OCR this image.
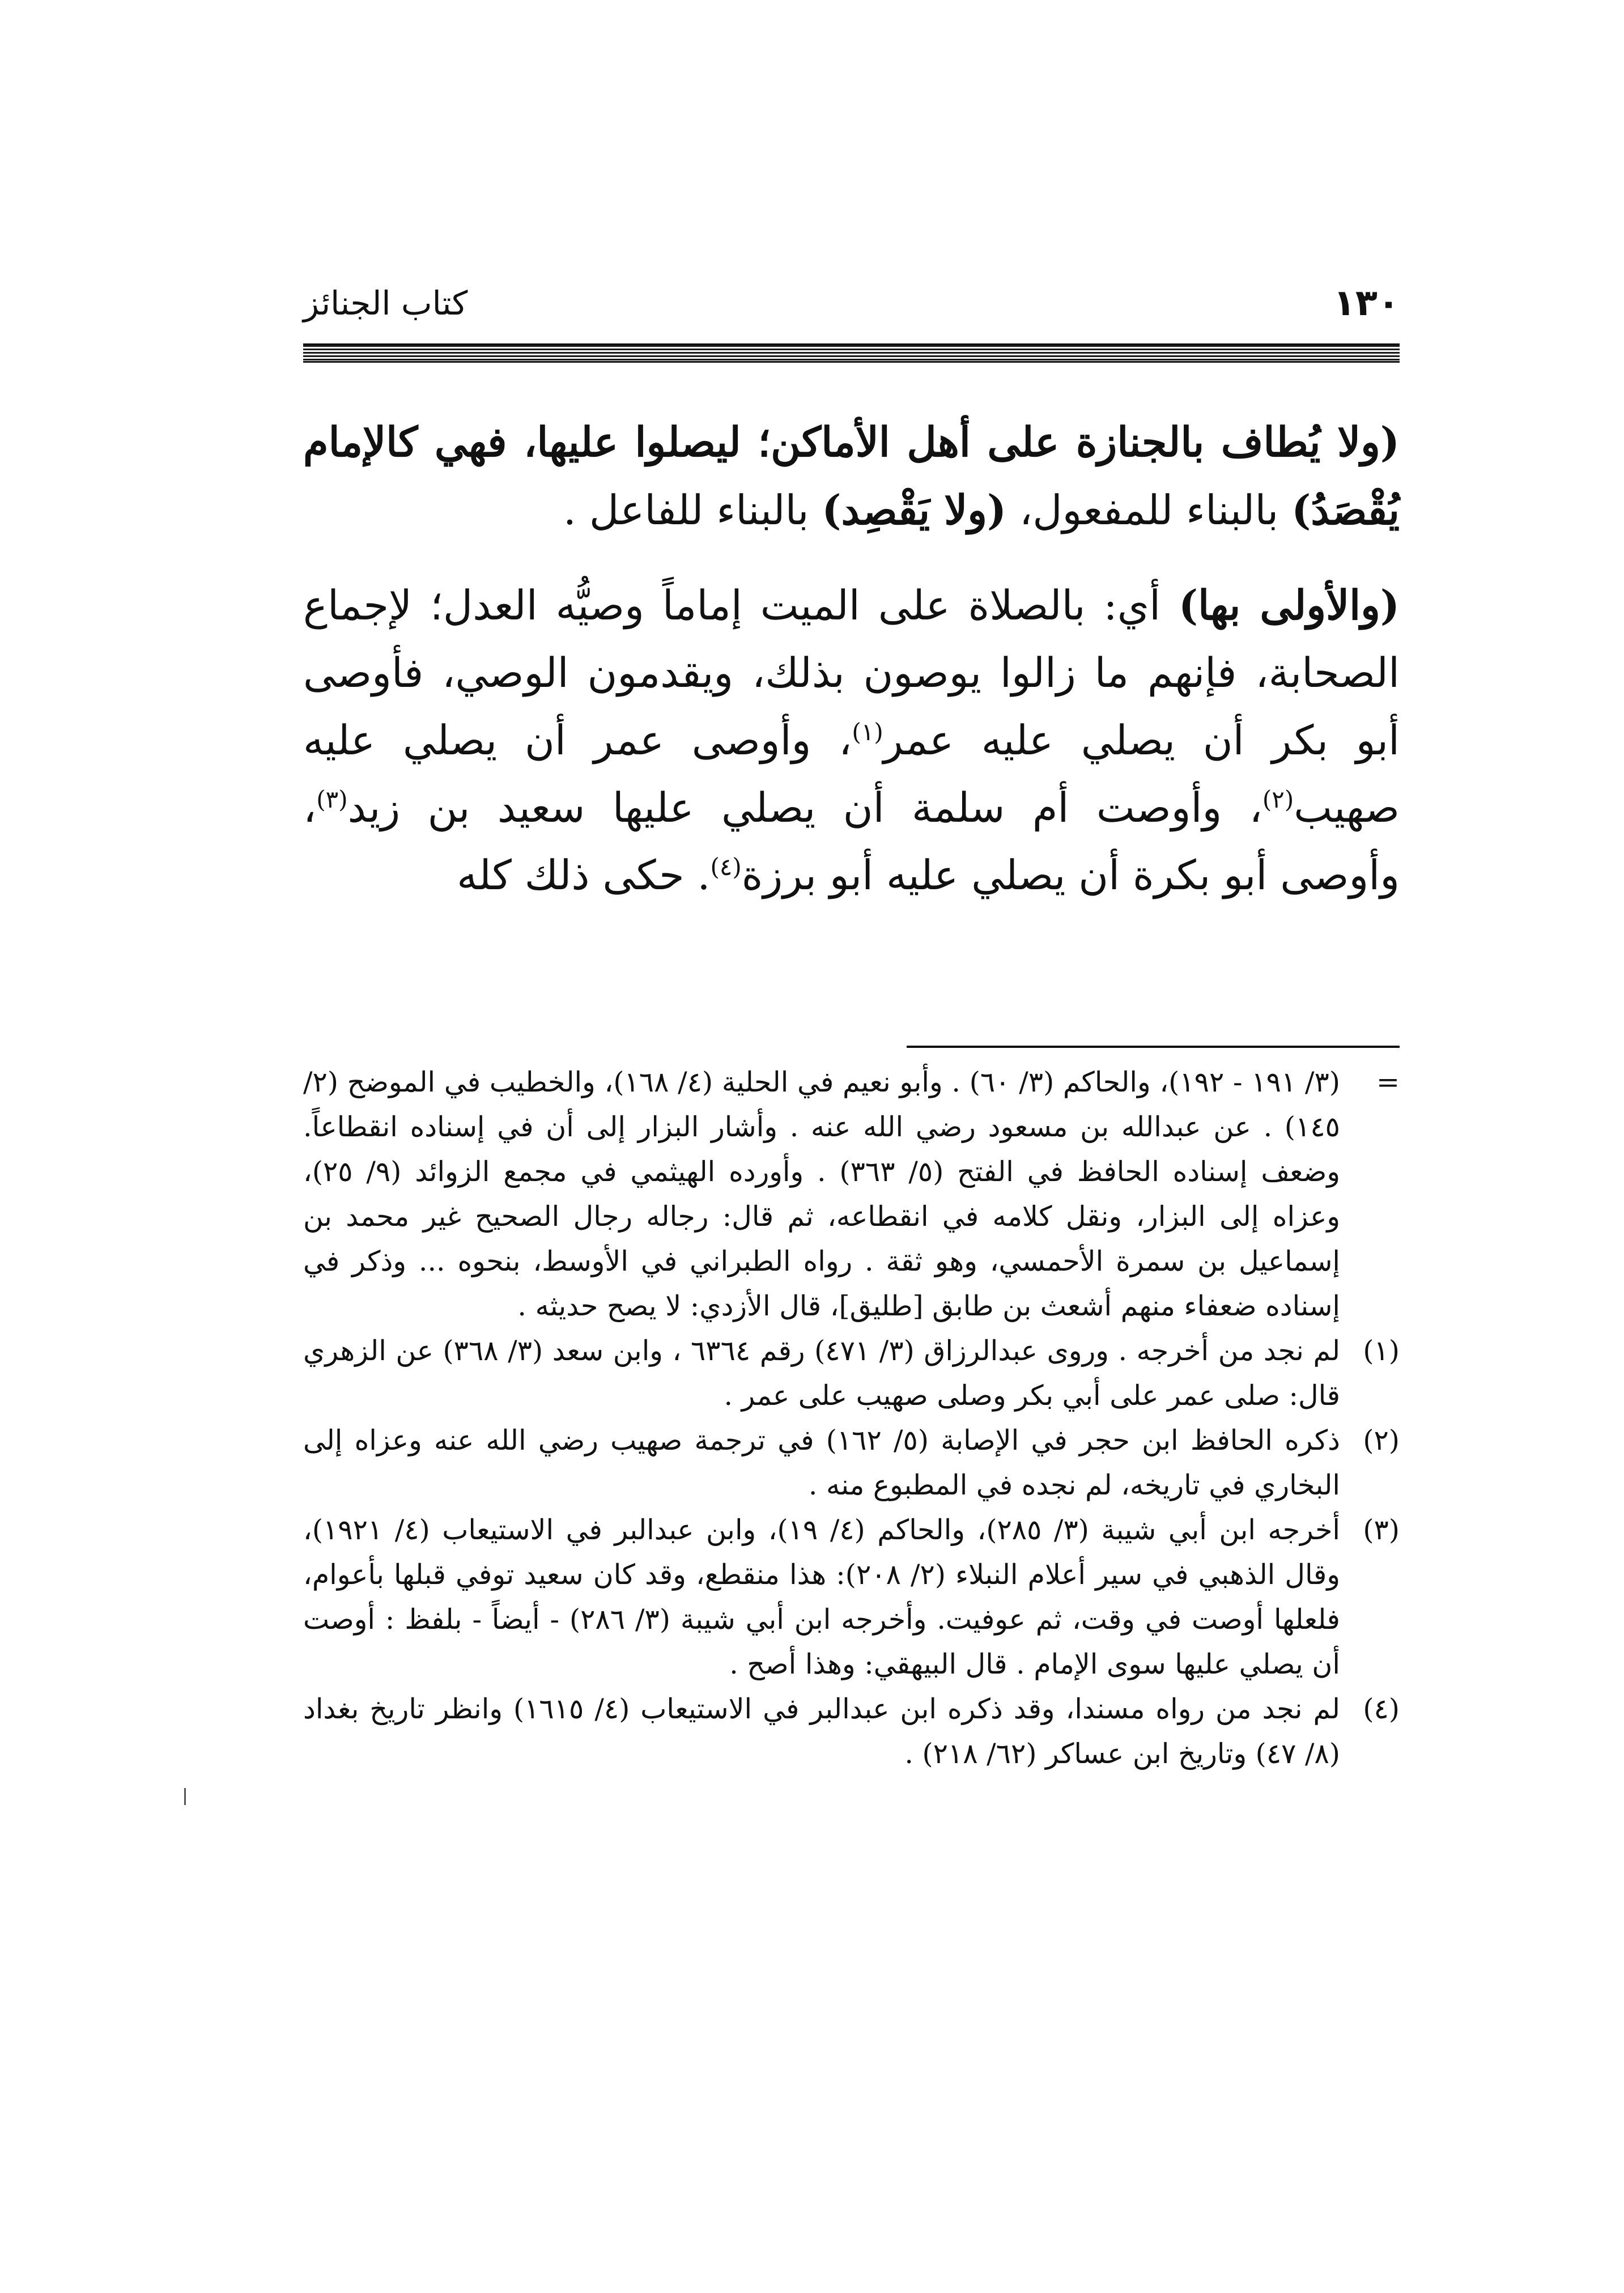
١٣٠
كتاب الجنائز

(ولا يُطاف بالجنازة على أهل الأماكن؛ ليصلوا عليها، فهي كالإمام يُقْصَدُ) بالبناء للمفعول، (ولا يَقْصِد) بالبناء للفاعل .

(والأولى بها) أي: بالصلاة على الميت إماماً وصيُّه العدل؛ لإجماع الصحابة، فإنهم ما زالوا يوصون بذلك، ويقدمون الوصي، فأوصى أبو بكر أن يصلي عليه عمر$^{(١)}$، وأوصى عمر أن يصلي عليه صهيب$^{(٢)}$، وأوصت أم سلمة أن يصلي عليها سعيد بن زيد$^{(٣)}$، وأوصى أبو بكرة أن يصلي عليه أبو برزة$^{(٤)}$. حكى ذلك كله

=
(٣/ ١٩١ - ١٩٢)، والحاكم (٣/ ٦٠) . وأبو نعيم في الحلية (٤/ ١٦٨)، والخطيب في الموضح (٢/ ١٤٥) . عن عبدالله بن مسعود رضي الله عنه . وأشار البزار إلى أن في إسناده انقطاعاً. وضعف إسناده الحافظ في الفتح (٥/ ٣٦٣) . وأورده الهيثمي في مجمع الزوائد (٩/ ٢٥)، وعزاه إلى البزار، ونقل كلامه في انقطاعه، ثم قال: رجاله رجال الصحيح غير محمد بن إسماعيل بن سمرة الأحمسي، وهو ثقة . رواه الطبراني في الأوسط، بنحوه ... وذكر في إسناده ضعفاء منهم أشعث بن طابق [طليق]، قال الأزدي: لا يصح حديثه .

(١)
لم نجد من أخرجه . وروى عبدالرزاق (٣/ ٤٧١) رقم ٦٣٦٤ ، وابن سعد (٣/ ٣٦٨) عن الزهري قال: صلى عمر على أبي بكر وصلى صهيب على عمر .

(٢)
ذكره الحافظ ابن حجر في الإصابة (٥/ ١٦٢) في ترجمة صهيب رضي الله عنه وعزاه إلى البخاري في تاريخه، لم نجده في المطبوع منه .

(٣)
أخرجه ابن أبي شيبة (٣/ ٢٨٥)، والحاكم (٤/ ١٩)، وابن عبدالبر في الاستيعاب (٤/ ١٩٢١)، وقال الذهبي في سير أعلام النبلاء (٢/ ٢٠٨): هذا منقطع، وقد كان سعيد توفي قبلها بأعوام، فلعلها أوصت في وقت، ثم عوفيت. وأخرجه ابن أبي شيبة (٣/ ٢٨٦) - أيضاً - بلفظ : أوصت أن يصلي عليها سوى الإمام . قال البيهقي: وهذا أصح .

(٤)
لم نجد من رواه مسندا، وقد ذكره ابن عبدالبر في الاستيعاب (٤/ ١٦١٥) وانظر تاريخ بغداد (٨/ ٤٧) وتاريخ ابن عساكر (٦٢/ ٢١٨) .
